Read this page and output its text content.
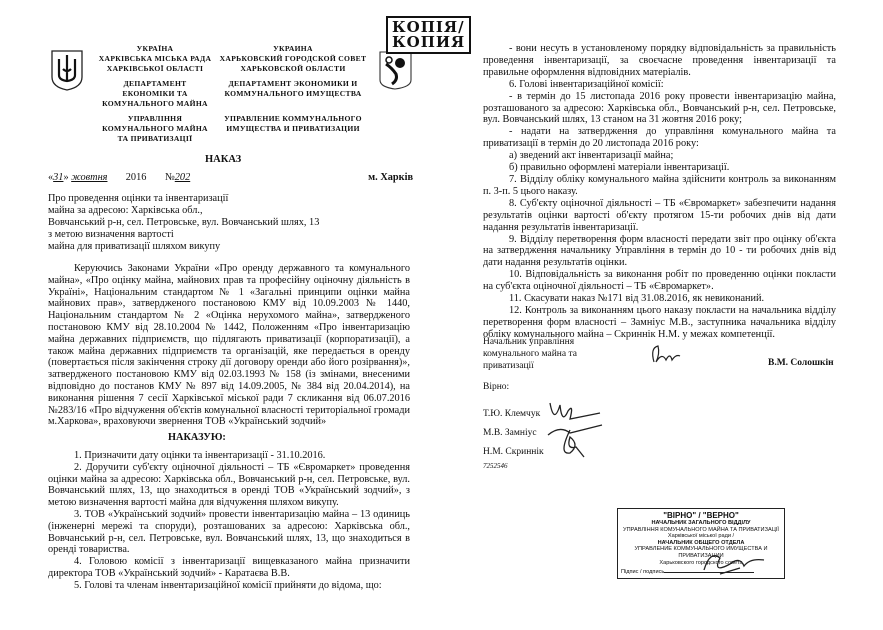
УКРАЇНА
ХАРКІВСЬКА МІСЬКА РАДА
ХАРКІВСЬКОЇ ОБЛАСТІ
ДЕПАРТАМЕНТ
ЕКОНОМІКИ ТА
КОМУНАЛЬНОГО МАЙНА
УПРАВЛІННЯ
КОМУНАЛЬНОГО МАЙНА
ТА ПРИВАТИЗАЦІЇ
УКРАИНА
ХАРЬКОВСКИЙ ГОРОДСКОЙ СОВЕТ
ХАРЬКОВСКОЙ ОБЛАСТИ
ДЕПАРТАМЕНТ ЭКОНОМИКИ И
КОММУНАЛЬНОГО ИМУЩЕСТВА
УПРАВЛЕНИЕ КОММУНАЛЬНОГО
ИМУЩЕСТВА И ПРИВАТИЗАЦИИ
КОПІЯ/
КОПИЯ
НАКАЗ
«31» жовтня 2016 №202	м. Харків
Про проведення оцінки та інвентаризації
майна за адресою: Харківська обл.,
Вовчанський р-н, сел. Петровське, вул. Вовчанський шлях, 13
з метою визначення вартості
майна для приватизації шляхом викупу

Керуючись Законами України «Про оренду державного та комунального майна», «Про оцінку майна, майнових прав та професійну оціночну діяльність в Україні», Національним стандартом № 1 «Загальні принципи оцінки майна майнових прав», затвердженого постановою КМУ від 10.09.2003 № 1440, Національним стандартом № 2 «Оцінка нерухомого майна», затвердженого постановою КМУ від 28.10.2004 № 1442, Положенням «Про інвентаризацію майна державних підприємств, що підлягають приватизації (корпоратизації), а також майна державних підприємств та організацій, яке передається в оренду (повертається після закінчення строку дії договору оренди або його розірвання)», затвердженого постановою КМУ від 02.03.1993 № 158 (із змінами, внесеними відповідно до постанов КМУ № 897 від 14.09.2005, № 384 від 20.04.2014), на виконання рішення 7 сесії Харківської міської ради 7 скликання від 06.07.2016 №283/16 «Про відчуження об'єктів комунальної власності територіальної громади м.Харкова», враховуючи звернення ТОВ «Український зодчий»

НАКАЗУЮ:

1. Призначити дату оцінки та інвентаризації - 31.10.2016.

2. Доручити суб'єкту оціночної діяльності – ТБ «Євромаркет» проведення оцінки майна за адресою: Харківська обл., Вовчанський р-н, сел. Петровське, вул. Вовчанський шлях, 13, що знаходиться в оренді ТОВ «Український зодчий», з метою визначення вартості майна для відчуження шляхом викупу.

3. ТОВ «Український зодчий» провести інвентаризацію майна – 13 одиниць (інженерні мережі та споруди), розташованих за адресою: Харківська обл., Вовчанський р-н, сел. Петровське, вул. Вовчанський шлях, 13, що знаходиться в оренді товариства.

4. Головою комісії з інвентаризації вищевказаного майна призначити директора ТОВ «Український зодчий» - Каратаєва В.В.

5. Голові та членам інвентаризаційної комісії прийняти до відома, що:

- вони несуть в установленому порядку відповідальність за правильність проведення інвентаризації, за своєчасне проведення інвентаризації та правильне оформлення відповідних матеріалів.

6. Голові інвентаризаційної комісії:

- в термін до 15 листопада 2016 року провести інвентаризацію майна, розташованого за адресою: Харківська обл., Вовчанський р-н, сел. Петровське, вул. Вовчанський шлях, 13 станом на 31 жовтня 2016 року;

- надати на затвердження до управління комунального майна та приватизації в термін до 20 листопада 2016 року:

а) зведений акт інвентаризації майна;

б) правильно оформлені матеріали інвентаризації.

7. Відділу обліку комунального майна здійснити контроль за виконанням п. 3-п. 5 цього наказу.

8. Суб'єкту оціночної діяльності – ТБ «Євромаркет» забезпечити надання результатів оцінки вартості об'єкту протягом 15-ти робочих днів від дати надання результатів інвентаризації.

9. Відділу перетворення форм власності передати звіт про оцінку об'єкта на затвердження начальнику Управління в термін до 10 - ти робочих днів від дати надання результатів оцінки.

10. Відповідальність за виконання робіт по проведенню оцінки покласти на суб'єкта оціночної діяльності – ТБ «Євромаркет».

11. Скасувати наказ №171 від 31.08.2016, як невиконаний.

12. Контроль за виконанням цього наказу покласти на начальника відділу перетворення форм власності – Замніус М.В., заступника начальника відділу обліку комунального майна – Скриннік Н.М. у межах компетенції.

Начальник управління
комунального майна та
приватизації	В.М. Солошкін
Вірно:
Т.Ю. Клемчук
М.В. Замніус
Н.М. Скриннік
7252546
"ВІРНО" / "ВЕРНО"
НАЧАЛЬНИК ЗАГАЛЬНОГО ВІДДІЛУ
УПРАВЛІННЯ КОМУНАЛЬНОГО МАЙНА ТА ПРИВАТИЗАЦІЇ
Харківської міської ради /
НАЧАЛЬНИК ОБЩЕГО ОТДЕЛА
УПРАВЛЕНИЕ КОММУНАЛЬНОГО ИМУЩЕСТВА И ПРИВАТИЗАЦИИ
Харьковского городского совета
Підпис / подпись
